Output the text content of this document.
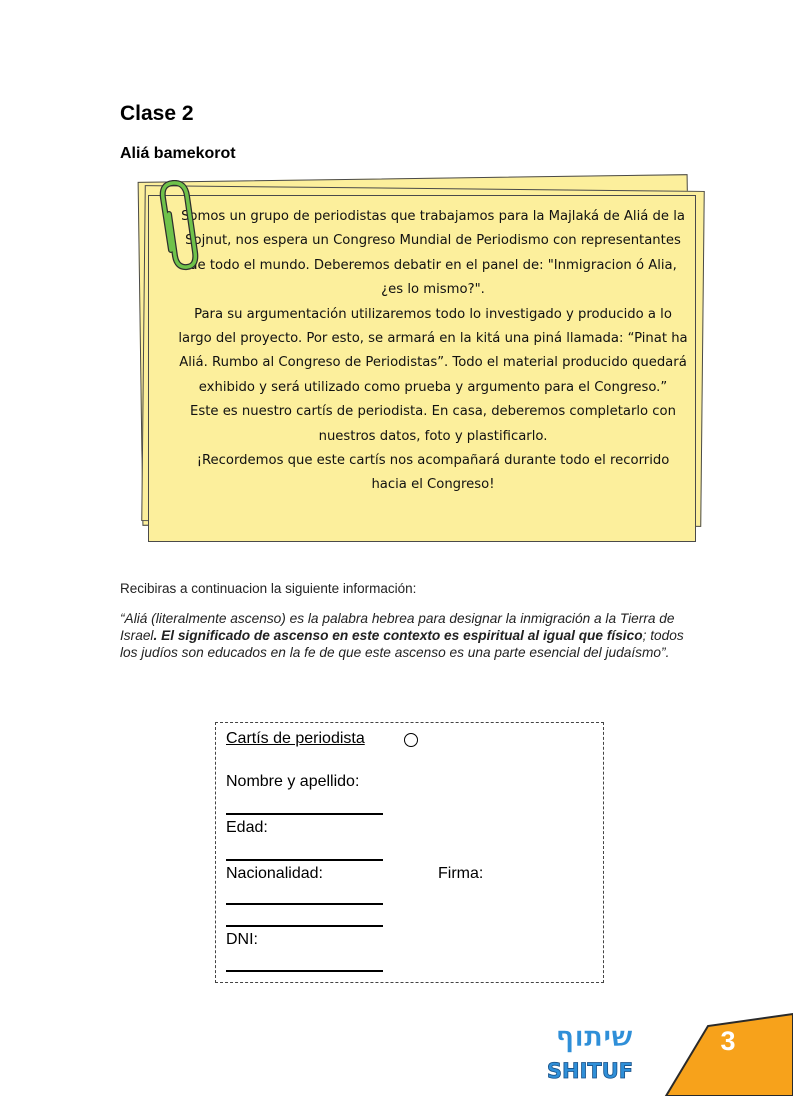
Clase 2
Aliá bamekorot

Somos un grupo de periodistas que trabajamos para la Majlaká de Aliá de la Sojnut, nos espera un Congreso Mundial de Periodismo con representantes de todo el mundo. Deberemos debatir en el panel de: "Inmigracion ó Alia, ¿es lo mismo?".

Para su argumentación utilizaremos todo lo investigado y producido a lo largo del proyecto. Por esto, se armará en la kitá una piná llamada: “Pinat ha Aliá. Rumbo al Congreso de Periodistas”. Todo el material producido quedará exhibido y será utilizado como prueba y argumento para el Congreso.”

Este es nuestro cartís de periodista. En casa, deberemos completarlo con nuestros datos, foto y plastificarlo.

¡Recordemos que este cartís nos acompañará durante todo el recorrido hacia el Congreso!

Recibiras a continuacion la siguiente información:
“Aliá (literalmente ascenso) es la palabra hebrea para designar la inmigración a la Tierra de Israel. El significado de ascenso en este contexto es espiritual al igual que físico; todos los judíos son educados en la fe de que este ascenso es una parte esencial del judaísmo”.
Cartís de periodista
Nombre y apellido:
Edad:
Nacionalidad:	Firma:
DNI:
שיתוף
SHITUF
3
